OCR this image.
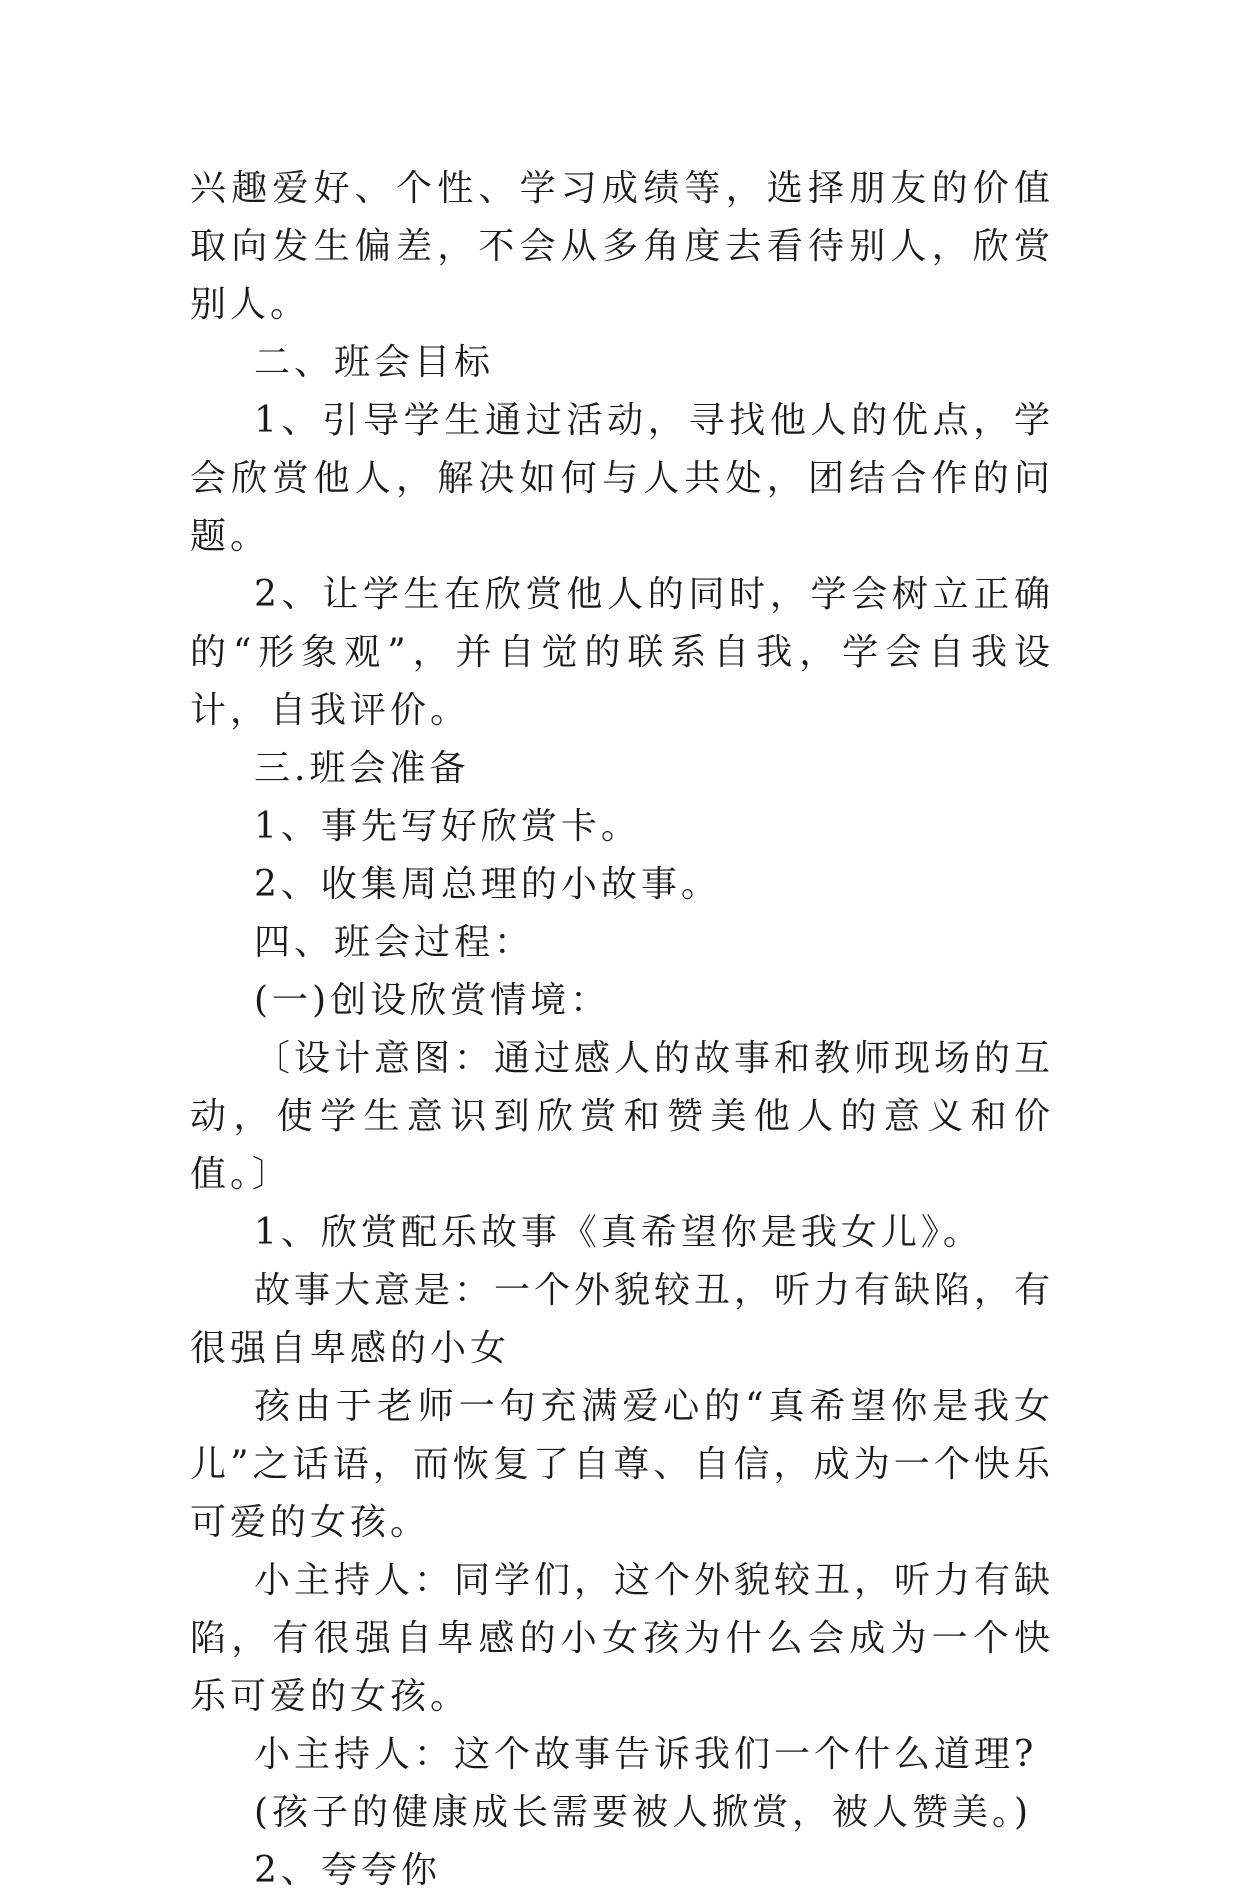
兴趣爱好、个性、学习成绩等，选择朋友的价值取向发生偏差，不会从多角度去看待别人，欣赏别人。

二、班会目标

1、引导学生通过活动，寻找他人的优点，学会欣赏他人，解决如何与人共处，团结合作的问题。

2、让学生在欣赏他人的同时，学会树立正确的“形象观”，并自觉的联系自我，学会自我设计，自我评价。

三.班会准备

1、事先写好欣赏卡。

2、收集周总理的小故事。

四、班会过程：

(一)创设欣赏情境：

〔设计意图：通过感人的故事和教师现场的互动，使学生意识到欣赏和赞美他人的意义和价值。〕

1、欣赏配乐故事《真希望你是我女儿》。

故事大意是：一个外貌较丑，听力有缺陷，有很强自卑感的小女

孩由于老师一句充满爱心的“真希望你是我女儿”之话语，而恢复了自尊、自信，成为一个快乐可爱的女孩。

小主持人：同学们，这个外貌较丑，听力有缺陷，有很强自卑感的小女孩为什么会成为一个快乐可爱的女孩。

小主持人：这个故事告诉我们一个什么道理?

(孩子的健康成长需要被人掀赏，被人赞美。)

2、夸夸你
